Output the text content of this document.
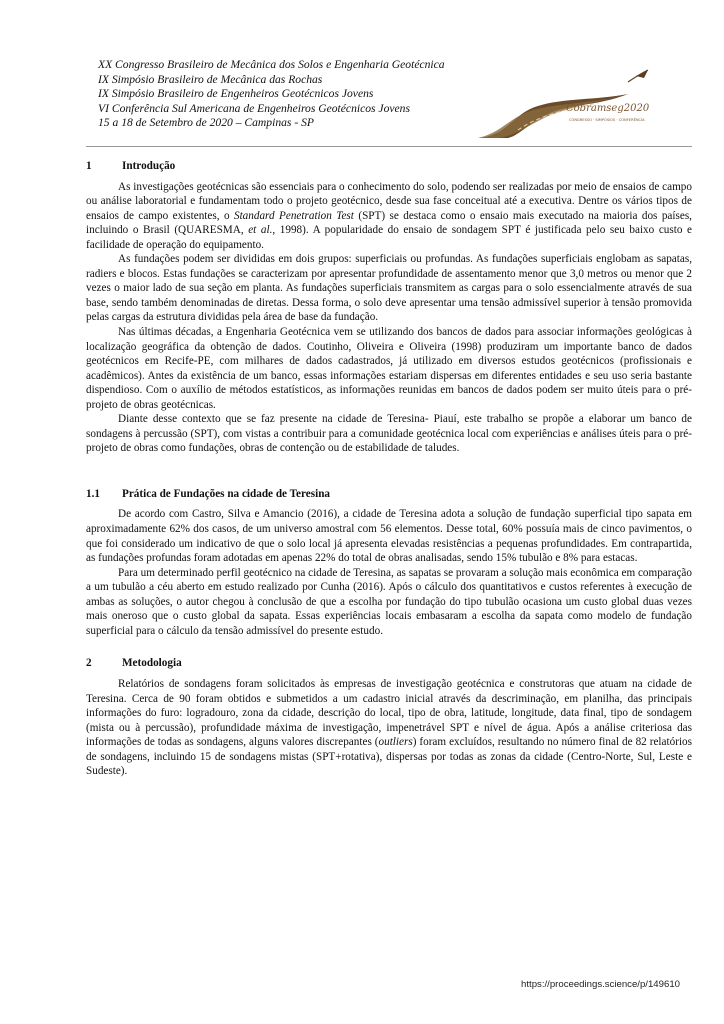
XX Congresso Brasileiro de Mecânica dos Solos e Engenharia Geotécnica
IX Simpósio Brasileiro de Mecânica das Rochas
IX Simpósio Brasileiro de Engenheiros Geotécnicos Jovens
VI Conferência Sul Americana de Engenheiros Geotécnicos Jovens
15 a 18 de Setembro de 2020 – Campinas - SP
Cobramseg2020
CONGRESSO · SIMPÓSIOS · CONFERÊNCIA
1	Introdução

As investigações geotécnicas são essenciais para o conhecimento do solo, podendo ser realizadas por meio de ensaios de campo ou análise laboratorial e fundamentam todo o projeto geotécnico, desde sua fase conceitual até a executiva. Dentre os vários tipos de ensaios de campo existentes, o Standard Penetration Test (SPT) se destaca como o ensaio mais executado na maioria dos países, incluindo o Brasil (QUARESMA, et al., 1998). A popularidade do ensaio de sondagem SPT é justificada pelo seu baixo custo e facilidade de operação do equipamento.

As fundações podem ser divididas em dois grupos: superficiais ou profundas. As fundações superficiais englobam as sapatas, radiers e blocos. Estas fundações se caracterizam por apresentar profundidade de assentamento menor que 3,0 metros ou menor que 2 vezes o maior lado de sua seção em planta. As fundações superficiais transmitem as cargas para o solo essencialmente através de sua base, sendo também denominadas de diretas. Dessa forma, o solo deve apresentar uma tensão admissível superior à tensão promovida pelas cargas da estrutura divididas pela área de base da fundação.

Nas últimas décadas, a Engenharia Geotécnica vem se utilizando dos bancos de dados para associar informações geológicas à localização geográfica da obtenção de dados. Coutinho, Oliveira e Oliveira (1998) produziram um importante banco de dados geotécnicos em Recife-PE, com milhares de dados cadastrados, já utilizado em diversos estudos geotécnicos (profissionais e acadêmicos). Antes da existência de um banco, essas informações estariam dispersas em diferentes entidades e seu uso seria bastante dispendioso. Com o auxílio de métodos estatísticos, as informações reunidas em bancos de dados podem ser muito úteis para o pré-projeto de obras geotécnicas.

Diante desse contexto que se faz presente na cidade de Teresina- Piauí, este trabalho se propõe a elaborar um banco de sondagens à percussão (SPT), com vistas a contribuir para a comunidade geotécnica local com experiências e análises úteis para o pré-projeto de obras como fundações, obras de contenção ou de estabilidade de taludes.

1.1	Prática de Fundações na cidade de Teresina

De acordo com Castro, Silva e Amancio (2016), a cidade de Teresina adota a solução de fundação superficial tipo sapata em aproximadamente 62% dos casos, de um universo amostral com 56 elementos. Desse total, 60% possuía mais de cinco pavimentos, o que foi considerado um indicativo de que o solo local já apresenta elevadas resistências a pequenas profundidades. Em contrapartida, as fundações profundas foram adotadas em apenas 22% do total de obras analisadas, sendo 15% tubulão e 8% para estacas.

Para um determinado perfil geotécnico na cidade de Teresina, as sapatas se provaram a solução mais econômica em comparação a um tubulão a céu aberto em estudo realizado por Cunha (2016). Após o cálculo dos quantitativos e custos referentes à execução de ambas as soluções, o autor chegou à conclusão de que a escolha por fundação do tipo tubulão ocasiona um custo global duas vezes mais oneroso que o custo global da sapata. Essas experiências locais embasaram a escolha da sapata como modelo de fundação superficial para o cálculo da tensão admissível do presente estudo.

2	Metodologia

Relatórios de sondagens foram solicitados às empresas de investigação geotécnica e construtoras que atuam na cidade de Teresina. Cerca de 90 foram obtidos e submetidos a um cadastro inicial através da descriminação, em planilha, das principais informações do furo: logradouro, zona da cidade, descrição do local, tipo de obra, latitude, longitude, data final, tipo de sondagem (mista ou à percussão), profundidade máxima de investigação, impenetrável SPT e nível de água. Após a análise criteriosa das informações de todas as sondagens, alguns valores discrepantes (outliers) foram excluídos, resultando no número final de 82 relatórios de sondagens, incluindo 15 de sondagens mistas (SPT+rotativa), dispersas por todas as zonas da cidade (Centro-Norte, Sul, Leste e Sudeste).

https://proceedings.science/p/149610
